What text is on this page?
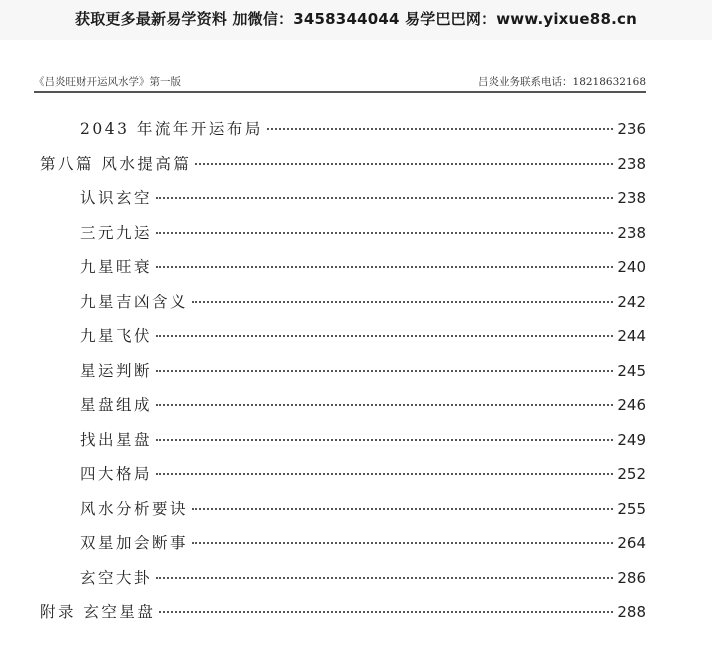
获取更多最新易学资料 加微信：3458344044 易学巴巴网：www.yixue88.cn
《吕炎旺财开运风水学》第一版	吕炎业务联系电话：18218632168
2043 年流年开运布局	236
第八篇 风水提高篇	238
认识玄空	238
三元九运	238
九星旺衰	240
九星吉凶含义	242
九星飞伏	244
星运判断	245
星盘组成	246
找出星盘	249
四大格局	252
风水分析要诀	255
双星加会断事	264
玄空大卦	286
附录 玄空星盘	288
